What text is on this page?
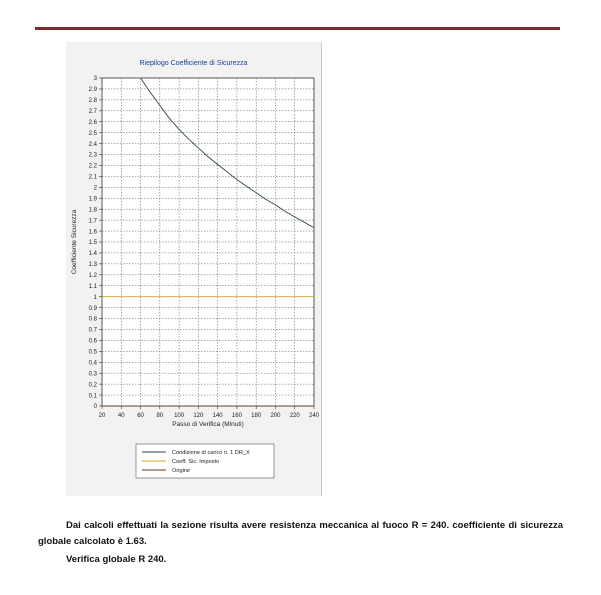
Riepilogo Coefficiente di Sicurezza
0
0.1
0.2
0.3
0.4
0.5
0.6
0.7
0.8
0.9
1
1.1
1.2
1.3
1.4
1.5
1.6
1.7
1.8
1.9
2
2.1
2.2
2.3
2.4
2.5
2.6
2.7
2.8
2.9
3
20 40 60 80 100 120 140 160 180 200 220 240
Passo di Verifica (Minuti)
Coefficiente Sicurezza
Condizione di carico n. 1 DR_X
Coeff. Sic. Imposto
Origine
Dai calcoli effettuati la sezione risulta avere resistenza meccanica al fuoco R = 240. coefficiente di sicurezza globale calcolato è 1.63.
Verifica globale R 240.
